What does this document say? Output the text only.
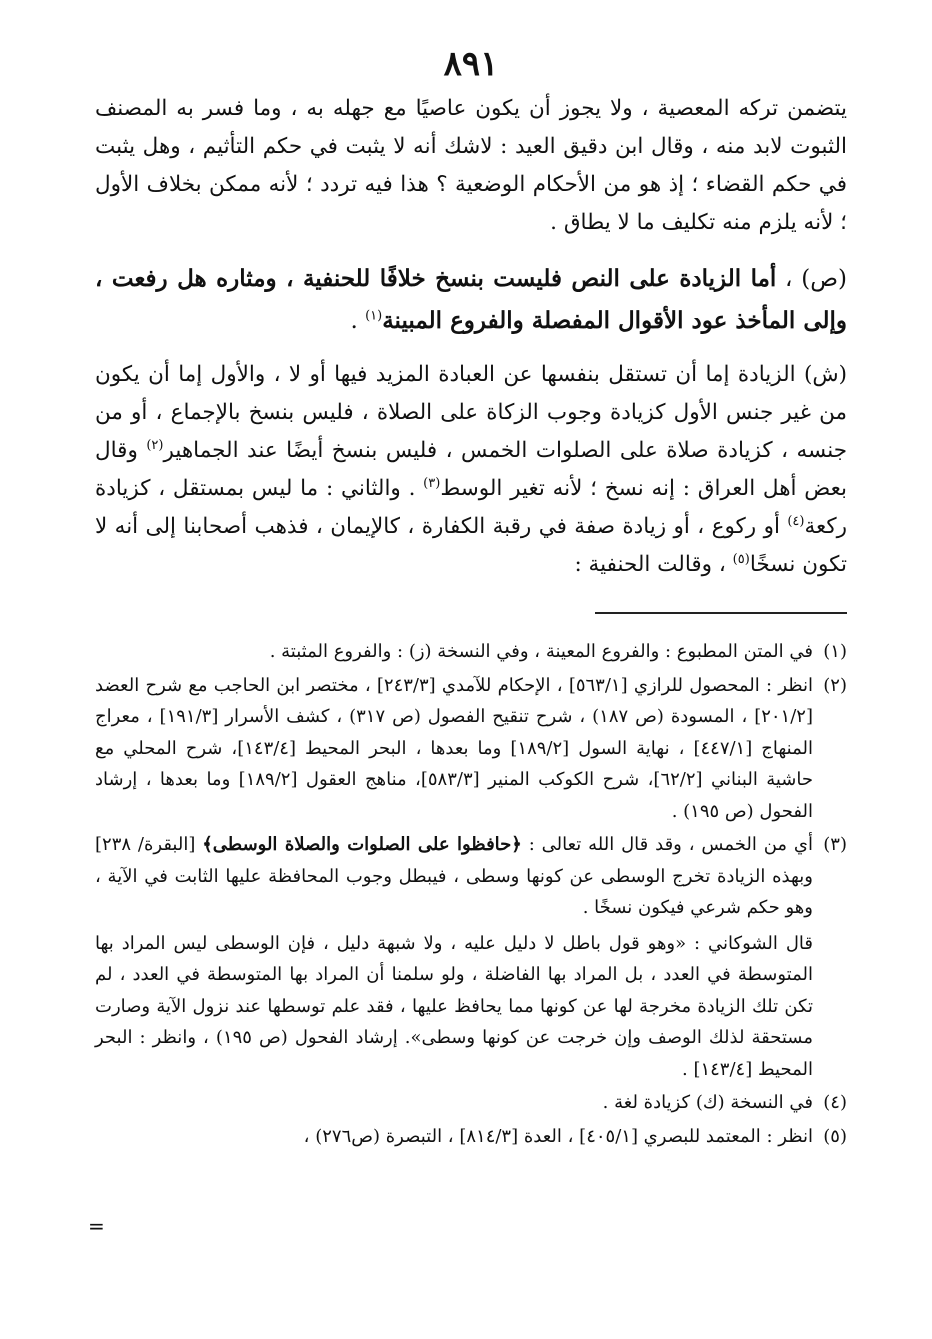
٨٩١

يتضمن تركه المعصية ، ولا يجوز أن يكون عاصيًا مع جهله به ، وما فسر به المصنف الثبوت لابد منه ، وقال ابن دقيق العيد : لاشك أنه لا يثبت في حكم التأثيم ، وهل يثبت في حكم القضاء ؛ إذ هو من الأحكام الوضعية ؟ هذا فيه تردد ؛ لأنه ممكن بخلاف الأول ؛ لأنه يلزم منه تكليف ما لا يطاق .

(ص) ، أما الزيادة على النص فليست بنسخ خلافًا للحنفية ، ومثاره هل رفعت ، وإلى المأخذ عود الأقوال المفصلة والفروع المبينة$^{(١)}$ .

(ش) الزيادة إما أن تستقل بنفسها عن العبادة المزيد فيها أو لا ، والأول إما أن يكون من غير جنس الأول كزيادة وجوب الزكاة على الصلاة ، فليس بنسخ بالإجماع ، أو من جنسه ، كزيادة صلاة على الصلوات الخمس ، فليس بنسخ أيضًا عند الجماهير$^{(٢)}$ وقال بعض أهل العراق : إنه نسخ ؛ لأنه تغير الوسط$^{(٣)}$ . والثاني : ما ليس بمستقل ، كزيادة ركعة$^{(٤)}$ أو ركوع ، أو زيادة صفة في رقبة الكفارة ، كالإيمان ، فذهب أصحابنا إلى أنه لا تكون نسخًا$^{(٥)}$ ، وقالت الحنفية :

(١)
في المتن المطبوع : والفروع المعينة ، وفي النسخة (ز) : والفروع المثبتة .
(٢)
انظر : المحصول للرازي [٥٦٣/١] ، الإحكام للآمدي [٢٤٣/٣] ، مختصر ابن الحاجب مع شرح العضد [٢٠١/٢] ، المسودة (ص ١٨٧) ، شرح تنقيح الفصول (ص ٣١٧) ، كشف الأسرار [١٩١/٣] ، معراج المنهاج [٤٤٧/١] ، نهاية السول [١٨٩/٢] وما بعدها ، البحر المحيط [١٤٣/٤]، شرح المحلي مع حاشية البناني [٦٢/٢]، شرح الكوكب المنير [٥٨٣/٣]، مناهج العقول [١٨٩/٢] وما بعدها ، إرشاد الفحول (ص ١٩٥) .
(٣)
أي من الخمس ، وقد قال الله تعالى : ﴿حافظوا على الصلوات والصلاة الوسطى﴾ [البقرة/ ٢٣٨] وبهذه الزيادة تخرج الوسطى عن كونها وسطى ، فيبطل وجوب المحافظة عليها الثابت في الآية ، وهو حكم شرعي فيكون نسخًا .
قال الشوكاني : «وهو قول باطل لا دليل عليه ، ولا شبهة دليل ، فإن الوسطى ليس المراد بها المتوسطة في العدد ، بل المراد بها الفاضلة ، ولو سلمنا أن المراد بها المتوسطة في العدد ، لم تكن تلك الزيادة مخرجة لها عن كونها مما يحافظ عليها ، فقد علم توسطها عند نزول الآية وصارت مستحقة لذلك الوصف وإن خرجت عن كونها وسطى». إرشاد الفحول (ص ١٩٥) ، وانظر : البحر المحيط [١٤٣/٤] .
(٤)
في النسخة (ك) كزيادة لغة .
(٥)
انظر : المعتمد للبصري [٤٠٥/١] ، العدة [٨١٤/٣] ، التبصرة (ص٢٧٦) ،
=
